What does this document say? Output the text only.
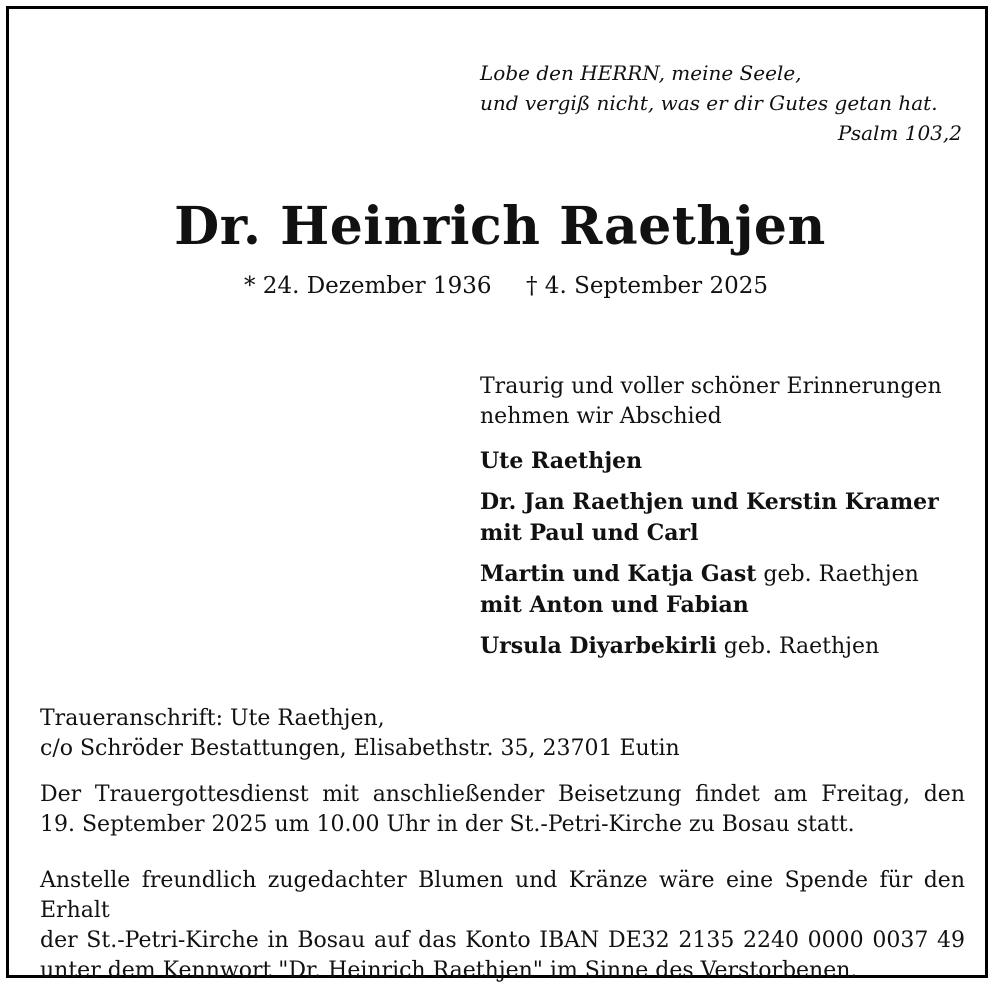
Lobe den HERRN, meine Seele,
und vergiß nicht, was er dir Gutes getan hat.
Psalm 103,2
Dr. Heinrich Raethjen
* 24. Dezember 1936 † 4. September 2025
Traurig und voller schöner Erinnerungen
nehmen wir Abschied
Ute Raethjen
Dr. Jan Raethjen und Kerstin Kramer
mit Paul und Carl
Martin und Katja Gast geb. Raethjen
mit Anton und Fabian
Ursula Diyarbekirli geb. Raethjen
Traueranschrift: Ute Raethjen,
c/o Schröder Bestattungen, Elisabethstr. 35, 23701 Eutin
Der Trauergottesdienst mit anschließender Beisetzung findet am Freitag, den
19. September 2025 um 10.00 Uhr in der St.-Petri-Kirche zu Bosau statt.
Anstelle freundlich zugedachter Blumen und Kränze wäre eine Spende für den Erhalt
der St.-Petri-Kirche in Bosau auf das Konto IBAN DE32 2135 2240 0000 0037 49
unter dem Kennwort "Dr. Heinrich Raethjen" im Sinne des Verstorbenen.
